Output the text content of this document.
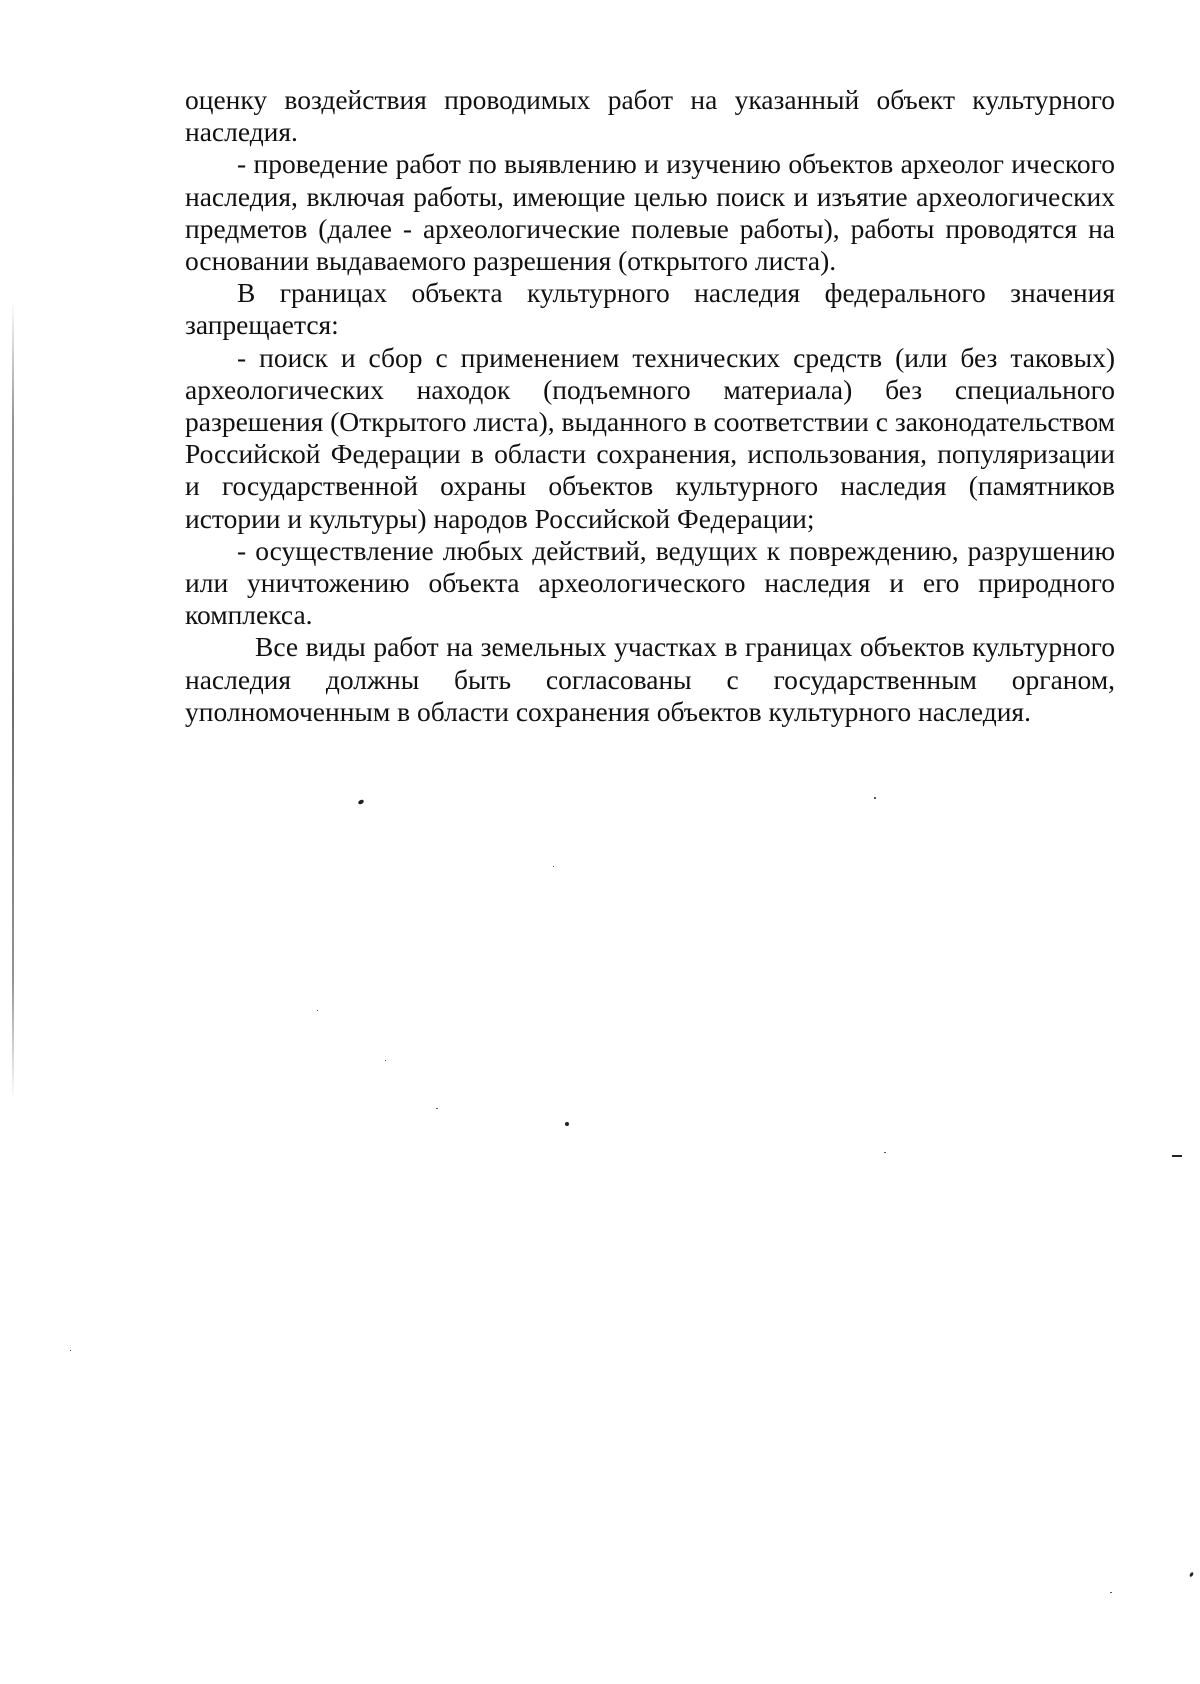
оценку воздействия проводимых работ на указанный объект культурного наследия.

- проведение работ по выявлению и изучению объектов археолог ического наследия, включая работы, имеющие целью поиск и изъятие археологических предметов (далее - археологические полевые работы), работы проводятся на основании выдаваемого разрешения (открытого листа).

В границах объекта культурного наследия федерального значения запрещается:

- поиск и сбор с применением технических средств (или без таковых) археологических находок (подъемного материала) без специального разрешения (Открытого листа), выданного в соответствии с законодательством Российской Федерации в области сохранения, использования, популяризации и государственной охраны объектов культурного наследия (памятников истории и культуры) народов Российской Федерации;

- осуществление любых действий, ведущих к повреждению, разрушению или уничтожению объекта археологического наследия и его природного комплекса.

Все виды работ на земельных участках в границах объектов культурного наследия должны быть согласованы с государственным органом, уполномоченным в области сохранения объектов культурного наследия.
